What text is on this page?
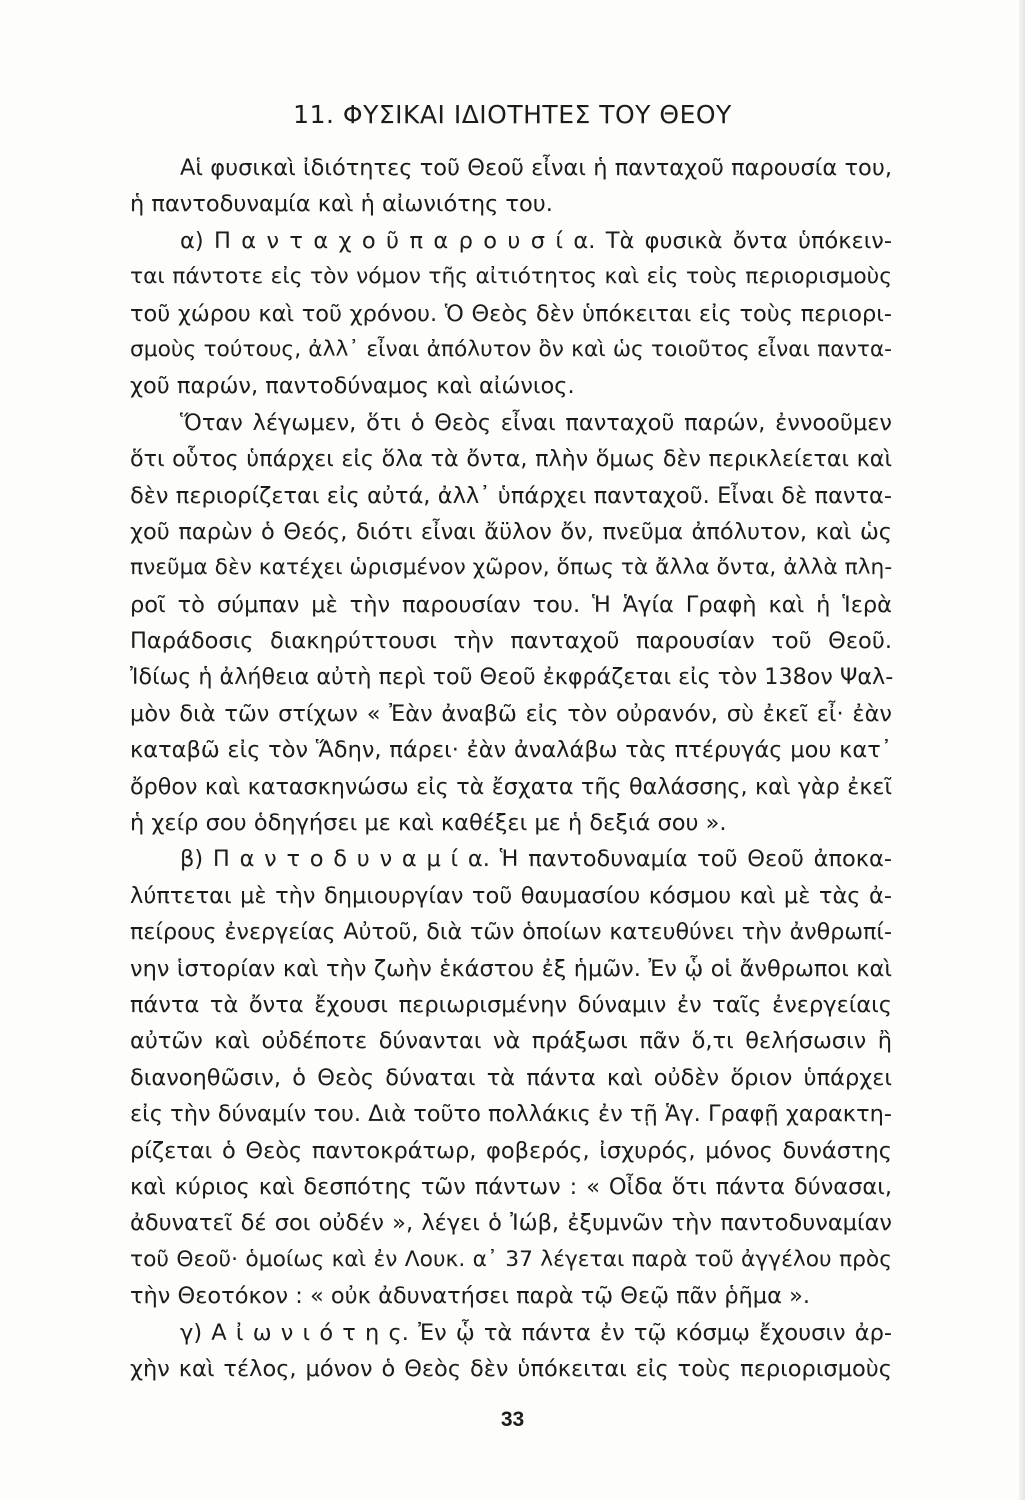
11. ΦΥΣΙΚΑΙ ΙΔΙΟΤΗΤΕΣ ΤΟΥ ΘΕΟΥ
Αἱ φυσικαὶ ἰδιότητες τοῦ Θεοῦ εἶναι ἡ πανταχοῦ παρουσία του,
ἡ παντοδυναμία καὶ ἡ αἰωνιότης του.
α) Π α ν τ α χ ο ῦ π α ρ ο υ σ ί α. Τὰ φυσικὰ ὄντα ὑπόκειν-
ται πάντοτε εἰς τὸν νόμον τῆς αἰτιότητος καὶ εἰς τοὺς περιορισμοὺς
τοῦ χώρου καὶ τοῦ χρόνου. Ὁ Θεὸς δὲν ὑπόκειται εἰς τοὺς περιορι-
σμοὺς τούτους, ἀλλ᾽ εἶναι ἀπόλυτον ὂν καὶ ὡς τοιοῦτος εἶναι παντα-
χοῦ παρών, παντοδύναμος καὶ αἰώνιος.
Ὅταν λέγωμεν, ὅτι ὁ Θεὸς εἶναι πανταχοῦ παρών, ἐννοοῦμεν
ὅτι οὗτος ὑπάρχει εἰς ὅλα τὰ ὄντα, πλὴν ὅμως δὲν περικλείεται καὶ
δὲν περιορίζεται εἰς αὐτά, ἀλλ᾽ ὑπάρχει πανταχοῦ. Εἶναι δὲ παντα-
χοῦ παρὼν ὁ Θεός, διότι εἶναι ἄϋλον ὄν, πνεῦμα ἀπόλυτον, καὶ ὡς
πνεῦμα δὲν κατέχει ὡρισμένον χῶρον, ὅπως τὰ ἄλλα ὄντα, ἀλλὰ πλη-
ροῖ τὸ σύμπαν μὲ τὴν παρουσίαν του. Ἡ Ἁγία Γραφὴ καὶ ἡ Ἱερὰ
Παράδοσις διακηρύττουσι τὴν πανταχοῦ παρουσίαν τοῦ Θεοῦ.
Ἰδίως ἡ ἀλήθεια αὐτὴ περὶ τοῦ Θεοῦ ἐκφράζεται εἰς τὸν 138ον Ψαλ-
μὸν διὰ τῶν στίχων « Ἐὰν ἀναβῶ εἰς τὸν οὐρανόν, σὺ ἐκεῖ εἶ· ἐὰν
καταβῶ εἰς τὸν Ἅδην, πάρει· ἐὰν ἀναλάβω τὰς πτέρυγάς μου κατ᾽
ὄρθον καὶ κατασκηνώσω εἰς τὰ ἔσχατα τῆς θαλάσσης, καὶ γὰρ ἐκεῖ
ἡ χείρ σου ὁδηγήσει με καὶ καθέξει με ἡ δεξιά σου ».
β) Π α ν τ ο δ υ ν α μ ί α. Ἡ παντοδυναμία τοῦ Θεοῦ ἀποκα-
λύπτεται μὲ τὴν δημιουργίαν τοῦ θαυμασίου κόσμου καὶ μὲ τὰς ἀ-
πείρους ἐνεργείας Αὐτοῦ, διὰ τῶν ὁποίων κατευθύνει τὴν ἀνθρωπί-
νην ἱστορίαν καὶ τὴν ζωὴν ἑκάστου ἐξ ἡμῶν. Ἐν ᾧ οἱ ἄνθρωποι καὶ
πάντα τὰ ὄντα ἔχουσι περιωρισμένην δύναμιν ἐν ταῖς ἐνεργείαις
αὐτῶν καὶ οὐδέποτε δύνανται νὰ πράξωσι πᾶν ὅ,τι θελήσωσιν ἢ
διανοηθῶσιν, ὁ Θεὸς δύναται τὰ πάντα καὶ οὐδὲν ὅριον ὑπάρχει
εἰς τὴν δύναμίν του. Διὰ τοῦτο πολλάκις ἐν τῇ Ἁγ. Γραφῇ χαρακτη-
ρίζεται ὁ Θεὸς παντοκράτωρ, φοβερός, ἰσχυρός, μόνος δυνάστης
καὶ κύριος καὶ δεσπότης τῶν πάντων : « Οἶδα ὅτι πάντα δύνασαι,
ἀδυνατεῖ δέ σοι οὐδέν », λέγει ὁ Ἰώβ, ἐξυμνῶν τὴν παντοδυναμίαν
τοῦ Θεοῦ· ὁμοίως καὶ ἐν Λουκ. α᾽ 37 λέγεται παρὰ τοῦ ἀγγέλου πρὸς
τὴν Θεοτόκον : « οὐκ ἀδυνατήσει παρὰ τῷ Θεῷ πᾶν ῥῆμα ».
γ) Α ἰ ω ν ι ό τ η ς. Ἐν ᾧ τὰ πάντα ἐν τῷ κόσμῳ ἔχουσιν ἀρ-
χὴν καὶ τέλος, μόνον ὁ Θεὸς δὲν ὑπόκειται εἰς τοὺς περιορισμοὺς
33
